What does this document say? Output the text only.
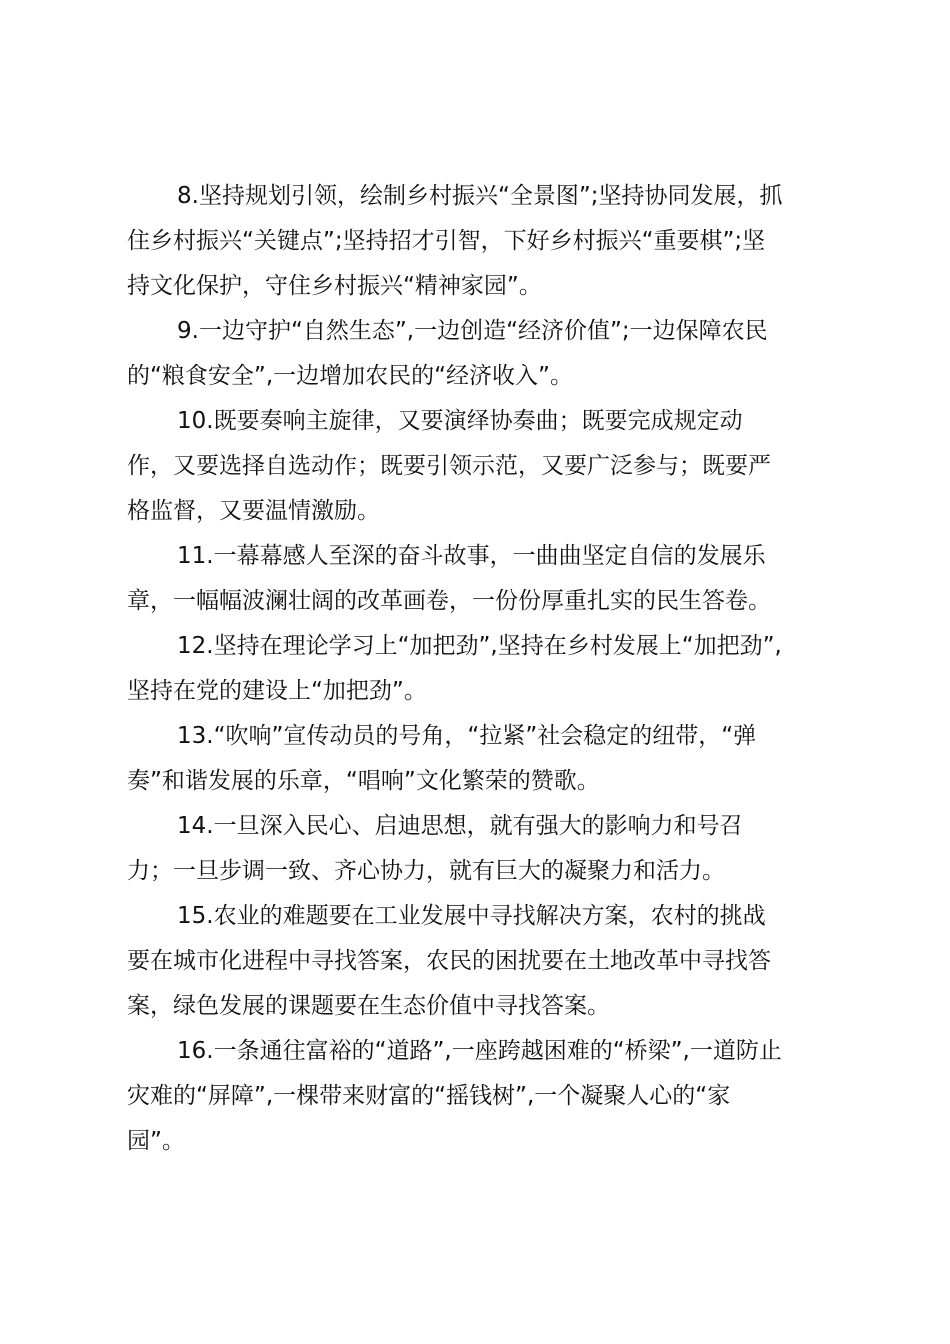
8.坚持规划引领，绘制乡村振兴“全景图”;坚持协同发展，抓
住乡村振兴“关键点”;坚持招才引智，下好乡村振兴“重要棋”;坚
持文化保护，守住乡村振兴“精神家园”。

9.一边守护“自然生态”,一边创造“经济价值”;一边保障农民
的“粮食安全”,一边增加农民的“经济收入”。

10.既要奏响主旋律，又要演绎协奏曲；既要完成规定动
作，又要选择自选动作；既要引领示范，又要广泛参与；既要严
格监督，又要温情激励。

11.一幕幕感人至深的奋斗故事，一曲曲坚定自信的发展乐
章，一幅幅波澜壮阔的改革画卷，一份份厚重扎实的民生答卷。

12.坚持在理论学习上“加把劲”,坚持在乡村发展上“加把劲”,
坚持在党的建设上“加把劲”。

13.“吹响”宣传动员的号角，“拉紧”社会稳定的纽带，“弹
奏”和谐发展的乐章，“唱响”文化繁荣的赞歌。

14.一旦深入民心、启迪思想，就有强大的影响力和号召
力；一旦步调一致、齐心协力，就有巨大的凝聚力和活力。

15.农业的难题要在工业发展中寻找解决方案，农村的挑战
要在城市化进程中寻找答案，农民的困扰要在土地改革中寻找答
案，绿色发展的课题要在生态价值中寻找答案。

16.一条通往富裕的“道路”,一座跨越困难的“桥梁”,一道防止
灾难的“屏障”,一棵带来财富的“摇钱树”,一个凝聚人心的“家
园”。
